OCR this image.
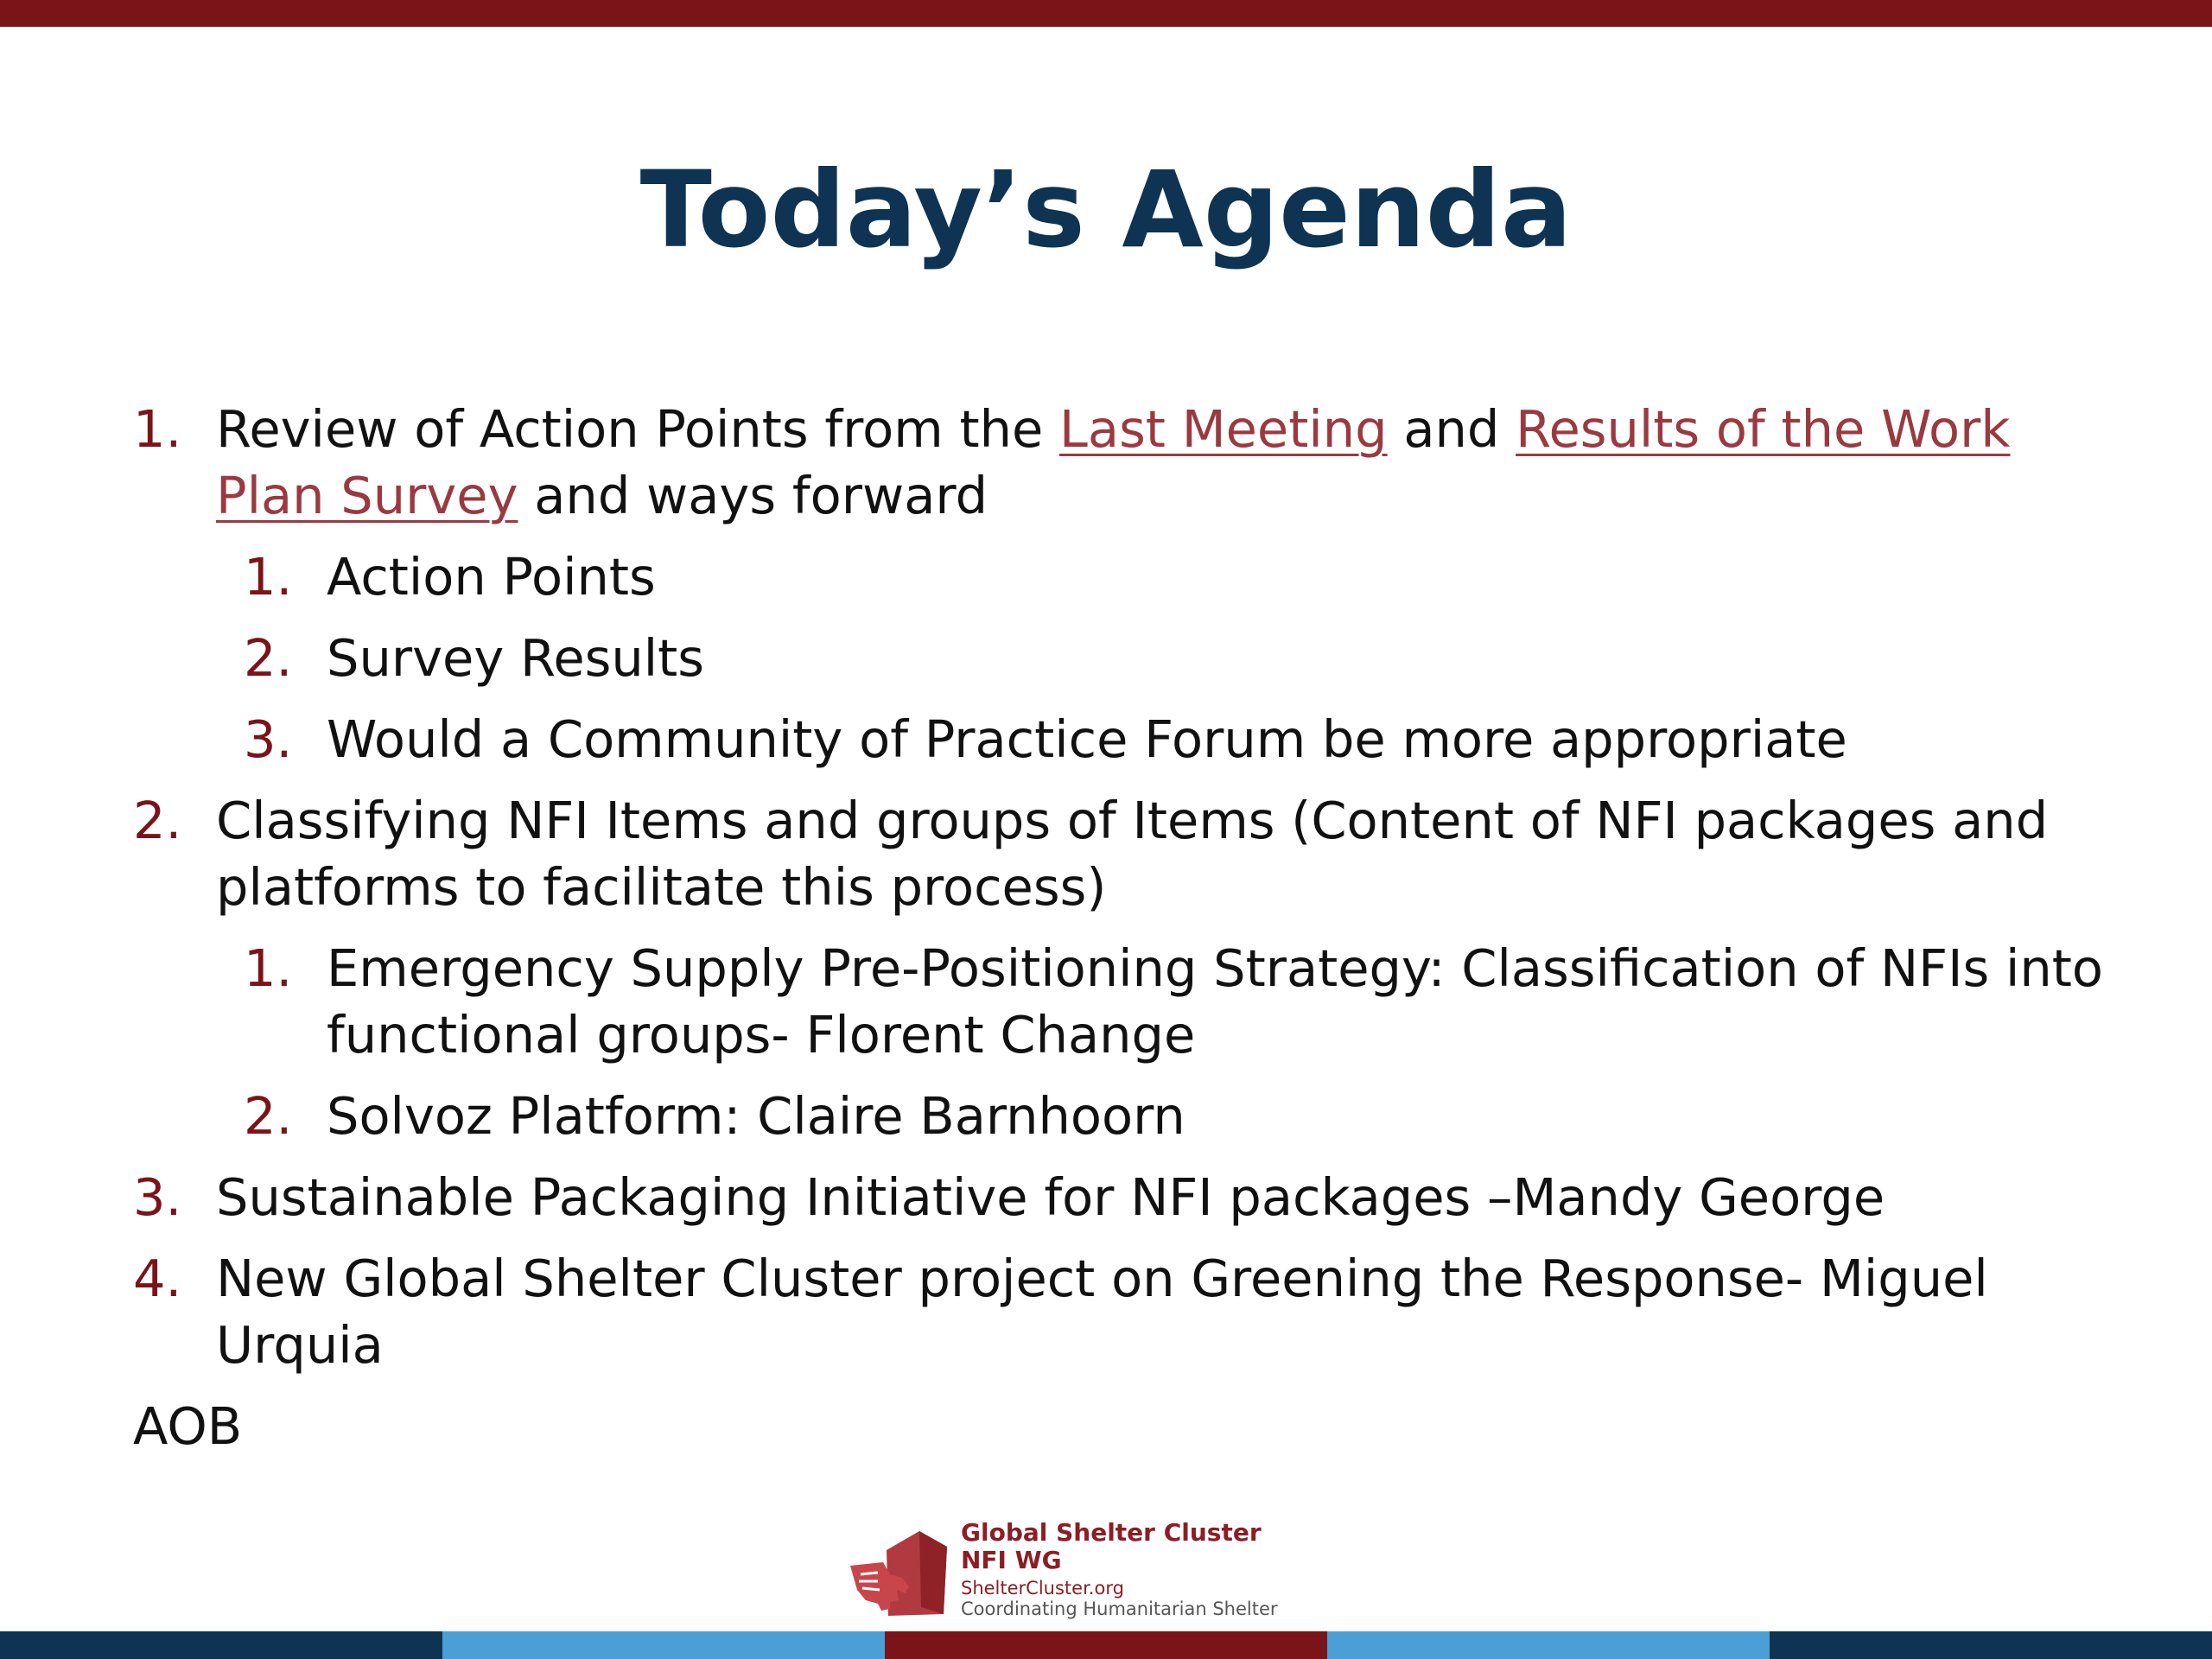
Today’s Agenda
1. Review of Action Points from the Last Meeting and Results of the Work
Plan Survey and ways forward
1. Action Points
2. Survey Results
3. Would a Community of Practice Forum be more appropriate
2. Classifying NFI Items and groups of Items (Content of NFI packages and
platforms to facilitate this process)
1. Emergency Supply Pre-Positioning Strategy: Classification of NFIs into
functional groups- Florent Change
2. Solvoz Platform: Claire Barnhoorn
3. Sustainable Packaging Initiative for NFI packages –Mandy George
4. New Global Shelter Cluster project on Greening the Response- Miguel
Urquia
AOB
Global Shelter Cluster
NFI WG
ShelterCluster.org
Coordinating Humanitarian Shelter
